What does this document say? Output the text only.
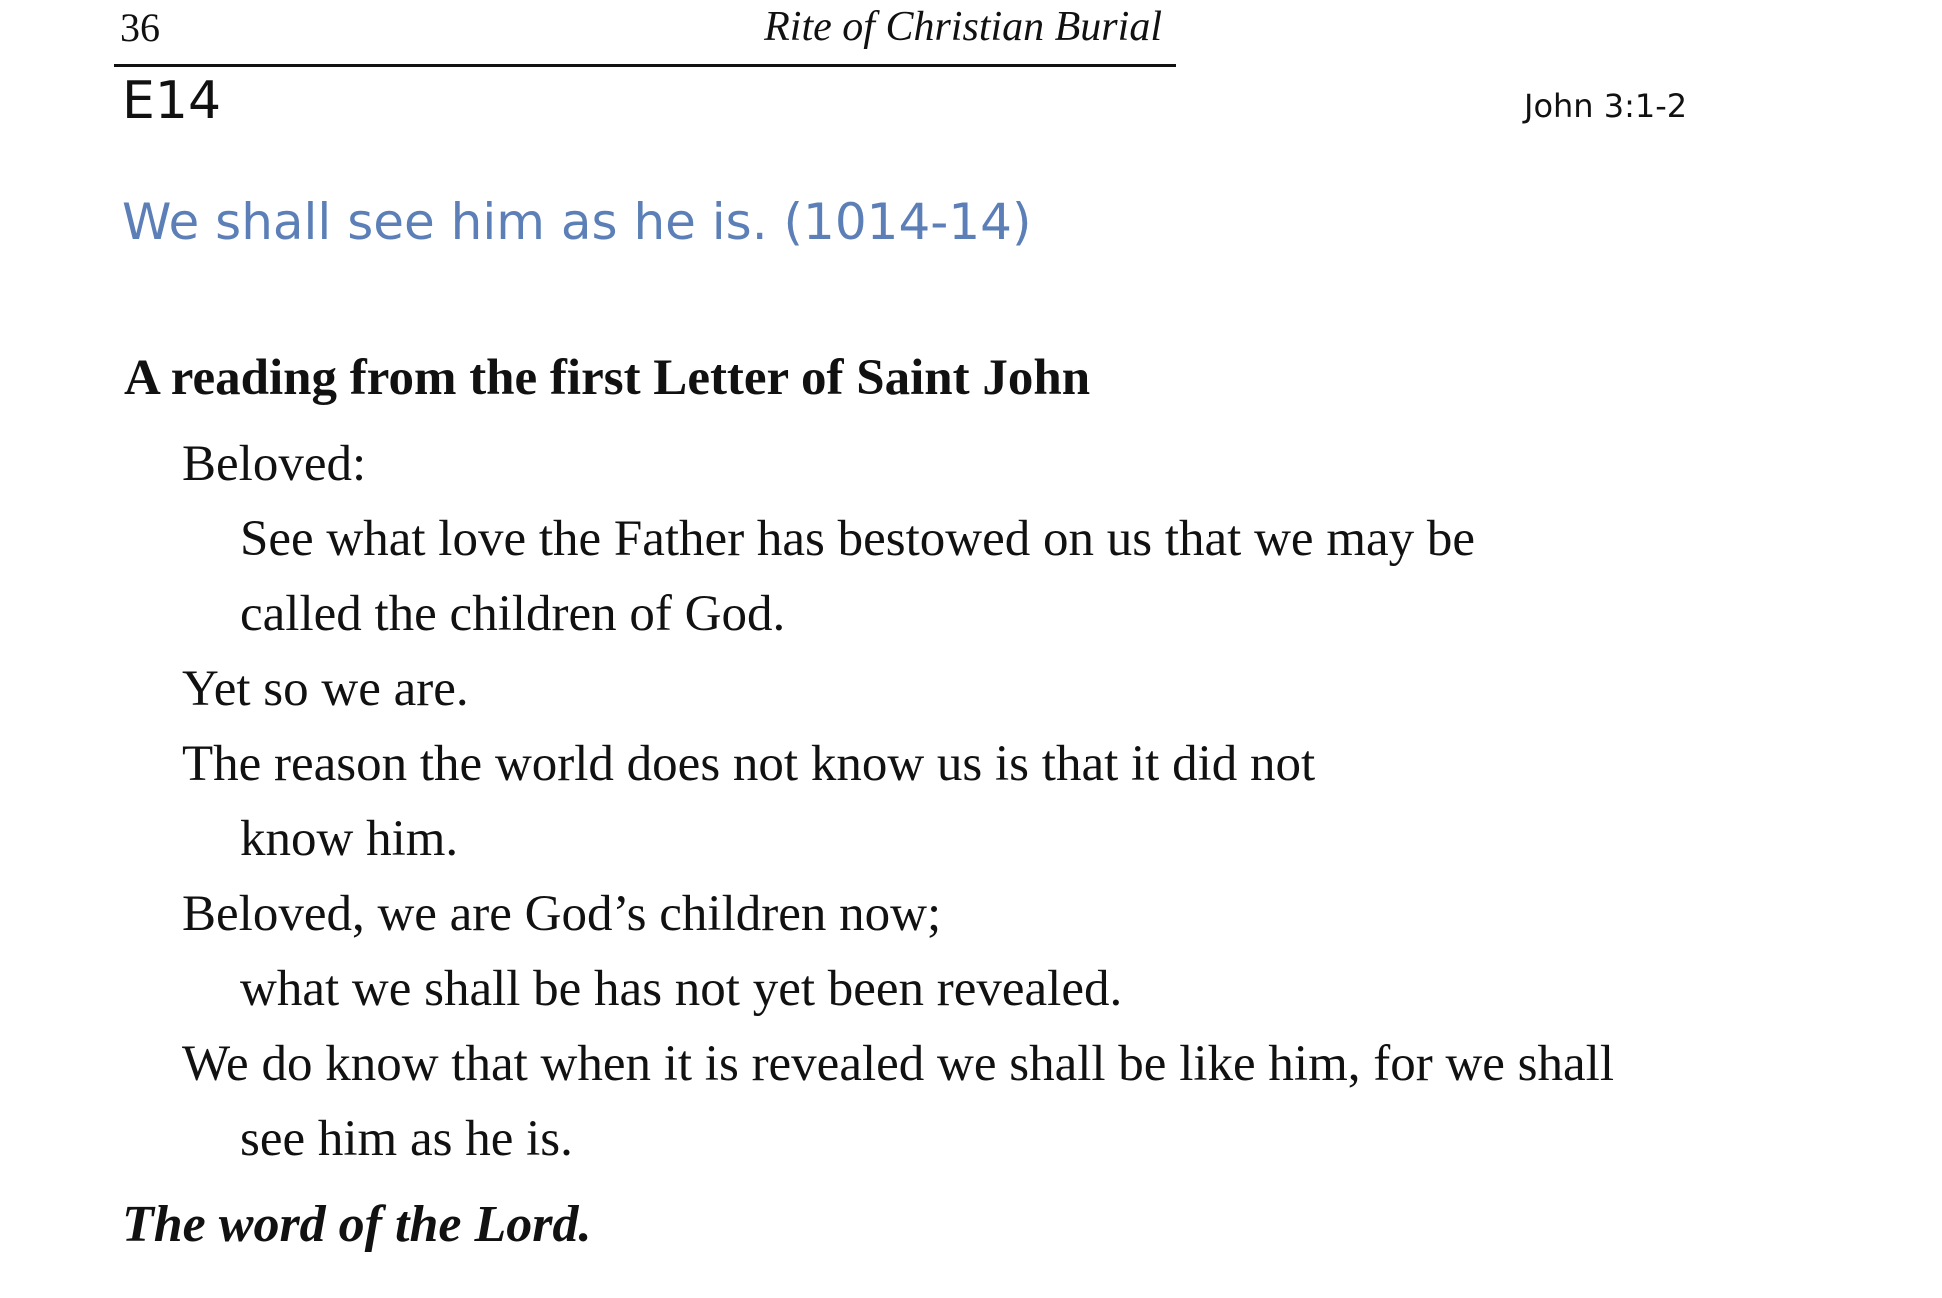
36	Rite of Christian Burial
E14	John 3:1-2
We shall see him as he is. (1014-14)
A reading from the first Letter of Saint John
Beloved:
See what love the Father has bestowed on us that we may be
called the children of God.
Yet so we are.
The reason the world does not know us is that it did not
know him.
Beloved, we are God’s children now;
what we shall be has not yet been revealed.
We do know that when it is revealed we shall be like him, for we shall
see him as he is.
The word of the Lord.
